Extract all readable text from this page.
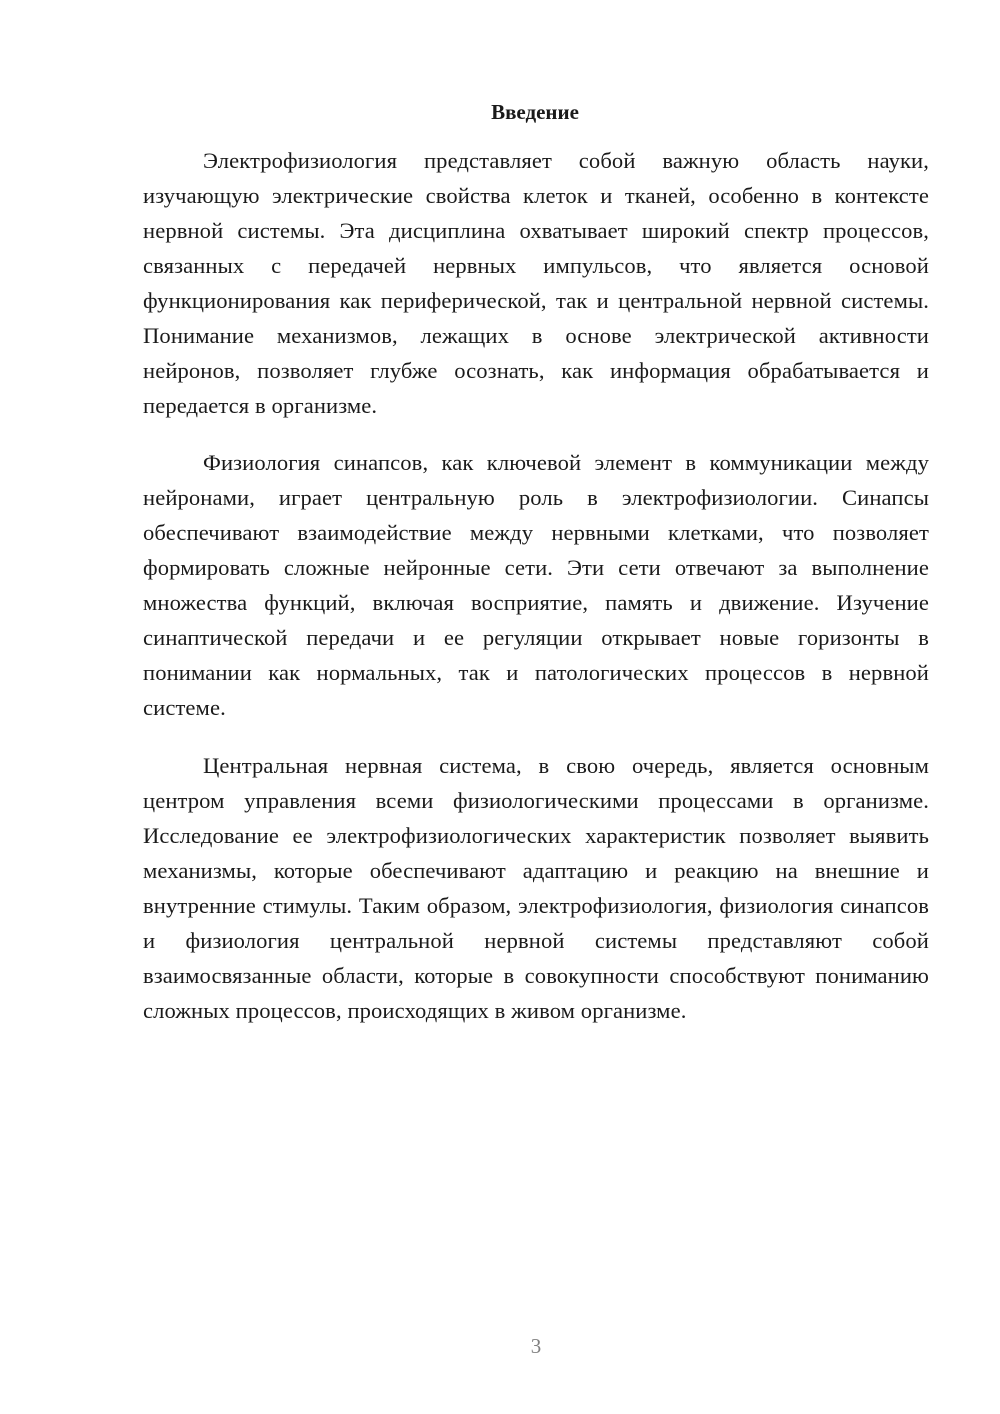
Введение

Электрофизиология представляет собой важную область науки, изучающую электрические свойства клеток и тканей, особенно в контексте нервной системы. Эта дисциплина охватывает широкий спектр процессов, связанных с передачей нервных импульсов, что является основой функционирования как периферической, так и центральной нервной системы. Понимание механизмов, лежащих в основе электрической активности нейронов, позволяет глубже осознать, как информация обрабатывается и передается в организме.

Физиология синапсов, как ключевой элемент в коммуникации между нейронами, играет центральную роль в электрофизиологии. Синапсы обеспечивают взаимодействие между нервными клетками, что позволяет формировать сложные нейронные сети. Эти сети отвечают за выполнение множества функций, включая восприятие, память и движение. Изучение синаптической передачи и ее регуляции открывает новые горизонты в понимании как нормальных, так и патологических процессов в нервной системе.

Центральная нервная система, в свою очередь, является основным центром управления всеми физиологическими процессами в организме. Исследование ее электрофизиологических характеристик позволяет выявить механизмы, которые обеспечивают адаптацию и реакцию на внешние и внутренние стимулы. Таким образом, электрофизиология, физиология синапсов и физиология центральной нервной системы представляют собой взаимосвязанные области, которые в совокупности способствуют пониманию сложных процессов, происходящих в живом организме.

3
